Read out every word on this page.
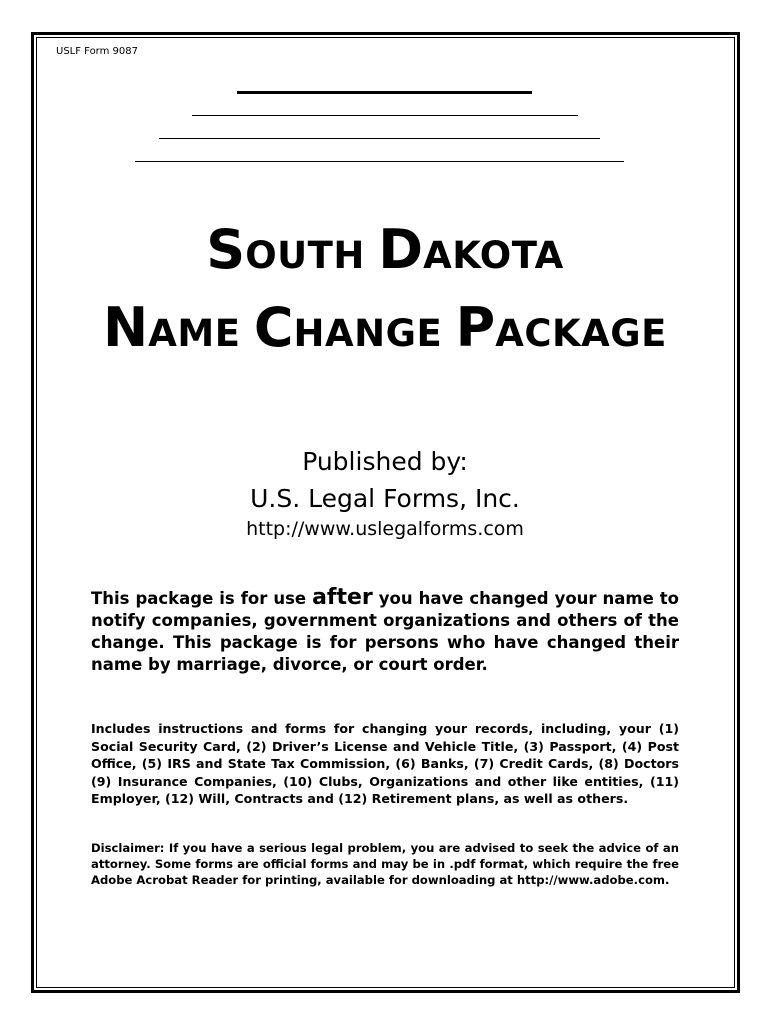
USLF Form 9087
SOUTH DAKOTA
NAME CHANGE PACKAGE
Published by:
U.S. Legal Forms, Inc.
http://www.uslegalforms.com
This package is for use after you have changed your name to notify companies, government organizations and others of the change. This package is for persons who have changed their name by marriage, divorce, or court order.
Includes instructions and forms for changing your records, including, your (1) Social Security Card, (2) Driver’s License and Vehicle Title, (3) Passport, (4) Post Office, (5) IRS and State Tax Commission, (6) Banks, (7) Credit Cards, (8) Doctors (9) Insurance Companies, (10) Clubs, Organizations and other like entities, (11) Employer, (12) Will, Contracts and (12) Retirement plans, as well as others.
Disclaimer: If you have a serious legal problem, you are advised to seek the advice of an attorney. Some forms are official forms and may be in .pdf format, which require the free Adobe Acrobat Reader for printing, available for downloading at http://www.adobe.com.
